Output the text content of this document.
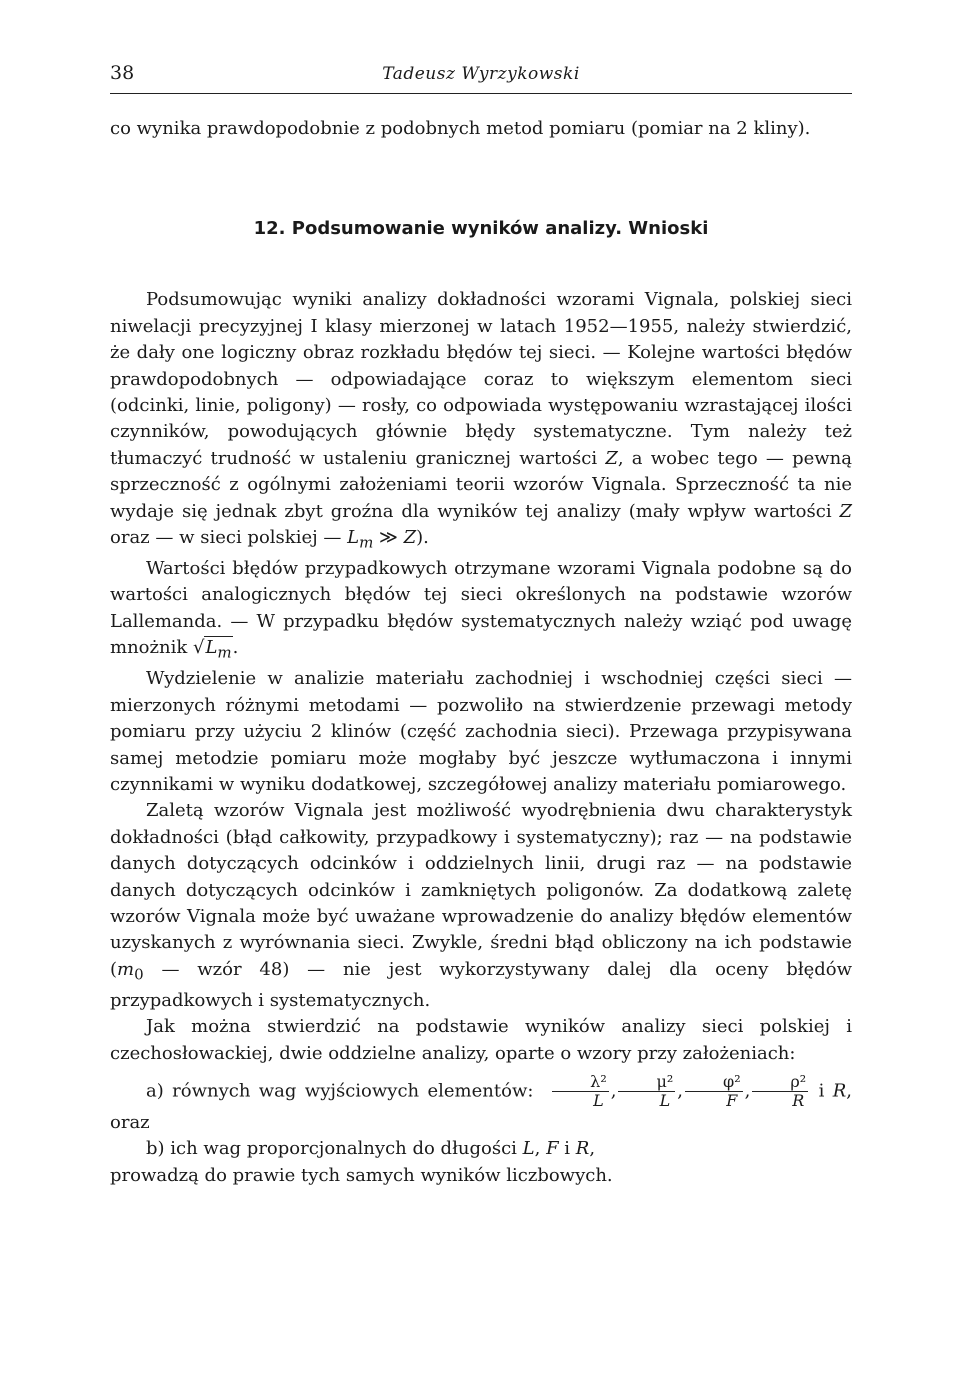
38	Tadeusz Wyrzykowski
12. Podsumowanie wyników analizy. Wnioski

co wynika prawdopodobnie z podobnych metod pomiaru (pomiar na 2 kliny).

Podsumowując wyniki analizy dokładności wzorami Vignala, polskiej sieci niwelacji precyzyjnej I klasy mierzonej w latach 1952—1955, należy stwierdzić, że dały one logiczny obraz rozkładu błędów tej sieci. — Kolejne wartości błędów prawdopodobnych — odpowiadające coraz to większym elementom sieci (odcinki, linie, poligony) — rosły, co odpowiada występowaniu wzrastającej ilości czynników, powodujących głównie błędy systematyczne. Tym należy też tłumaczyć trudność w ustaleniu granicznej wartości Z, a wobec tego — pewną sprzeczność z ogólnymi założeniami teorii wzorów Vignala. Sprzeczność ta nie wydaje się jednak zbyt groźna dla wyników tej analizy (mały wpływ wartości Z oraz — w sieci polskiej — $L_m$ ≫ Z).

Wartości błędów przypadkowych otrzymane wzorami Vignala podobne są do wartości analogicznych błędów tej sieci określonych na podstawie wzorów Lallemanda. — W przypadku błędów systematycznych należy wziąć pod uwagę mnożnik $√L_m$.

Wydzielenie w analizie materiału zachodniej i wschodniej części sieci — mierzonych różnymi metodami — pozwoliło na stwierdzenie przewagi metody pomiaru przy użyciu 2 klinów (część zachodnia sieci). Przewaga przypisywana samej metodzie pomiaru może mogłaby być jeszcze wytłumaczona i innymi czynnikami w wyniku dodatkowej, szczegółowej analizy materiału pomiarowego.

Zaletą wzorów Vignala jest możliwość wyodrębnienia dwu charakterystyk dokładności (błąd całkowity, przypadkowy i systematyczny); raz — na podstawie danych dotyczących odcinków i oddzielnych linii, drugi raz — na podstawie danych dotyczących odcinków i zamkniętych poligonów. Za dodatkową zaletę wzorów Vignala może być uważane wprowadzenie do analizy błędów elementów uzyskanych z wyrównania sieci. Zwykle, średni błąd obliczony na ich podstawie ($m_0$ — wzór 48) — nie jest wykorzystywany dalej dla oceny błędów przypadkowych i systematycznych.

Jak można stwierdzić na podstawie wyników analizy sieci polskiej i czechosłowackiej, dwie oddzielne analizy, oparte o wzory przy założeniach:

a) równych wag wyjściowych elementów: $\frac{\text{λ²}}{L}$ , $\frac{\text{μ²}}{L}$ , $\frac{\text{φ²}}{F}$ , $\frac{\text{ρ²}}{R}$ i R, oraz

b) ich wag proporcjonalnych do długości L, F i R,

prowadzą do prawie tych samych wyników liczbowych.
